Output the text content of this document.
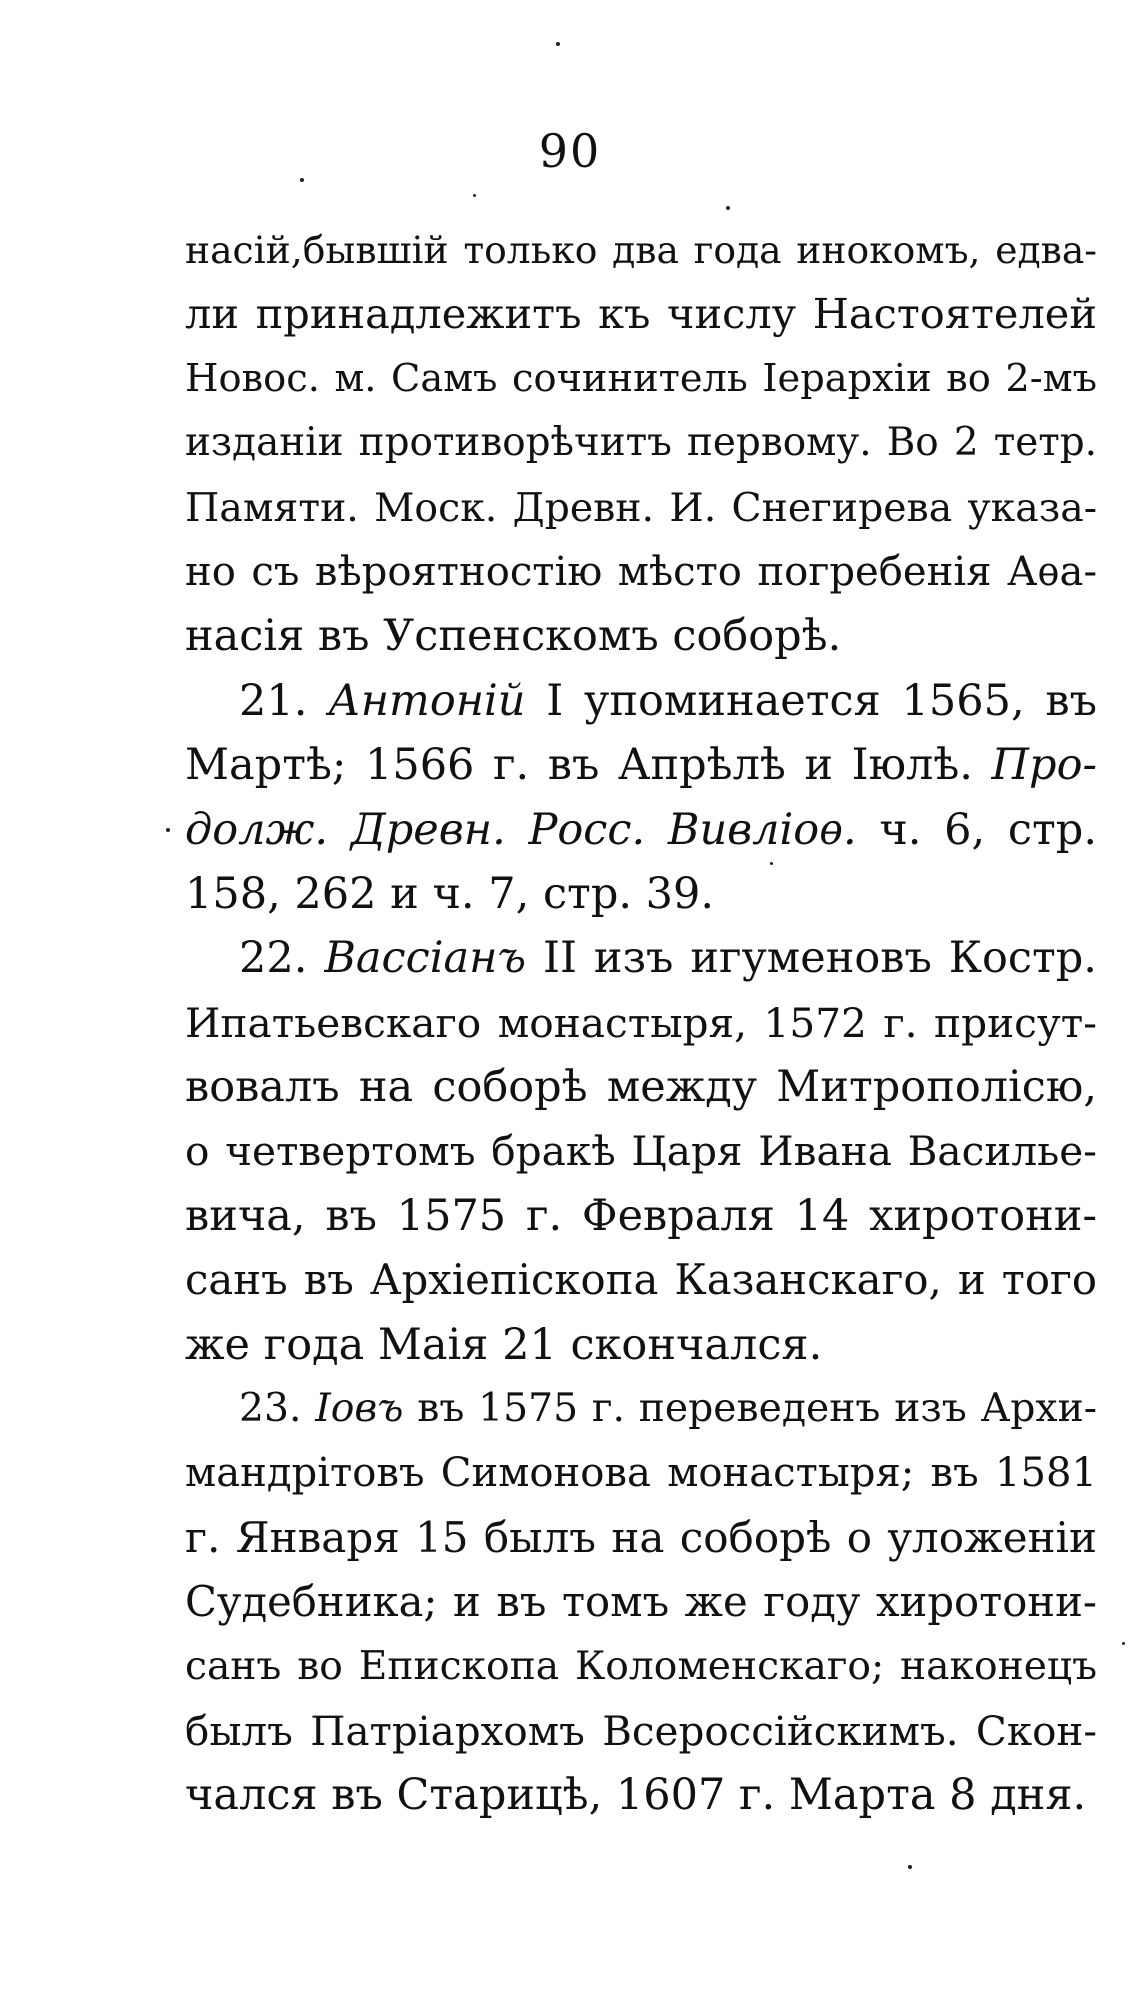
90
насій,бывшій только два года инокомъ, едва-
ли принадлежитъ къ числу Настоятелей
Новос. м. Самъ сочинитель Іерархіи во 2-мъ
изданіи противорѣчитъ первому. Во 2 тетр.
Памяти. Моск. Древн. И. Снегирева указа-
но съ вѣроятностію мѣсто погребенія Аѳа-
насія въ Успенскомъ соборѣ.
21. Антоній I упоминается 1565, въ
Мартѣ; 1566 г. въ Апрѣлѣ и Іюлѣ. Про-
долж. Древн. Росс. Вивліоѳ. ч. 6, стр.
158, 262 и ч. 7, стр. 39.
22. Вассіанъ II изъ игуменовъ Костр.
Ипатьевскаго монастыря, 1572 г. присут-
вовалъ на соборѣ между Митрополісю,
о четвертомъ бракѣ Царя Ивана Василье-
вича, въ 1575 г. Февраля 14 хиротони-
санъ въ Архіепіскопа Казанскаго, и того
же года Маія 21 скончался.
23. Іовъ въ 1575 г. переведенъ изъ Архи-
мандрітовъ Симонова монастыря; въ 1581
г. Января 15 былъ на соборѣ о уложеніи
Судебника; и въ томъ же году хиротони-
санъ во Епископа Коломенскаго; наконецъ
былъ Патріархомъ Всероссійскимъ. Скон-
чался въ Старицѣ, 1607 г. Марта 8 дня.
